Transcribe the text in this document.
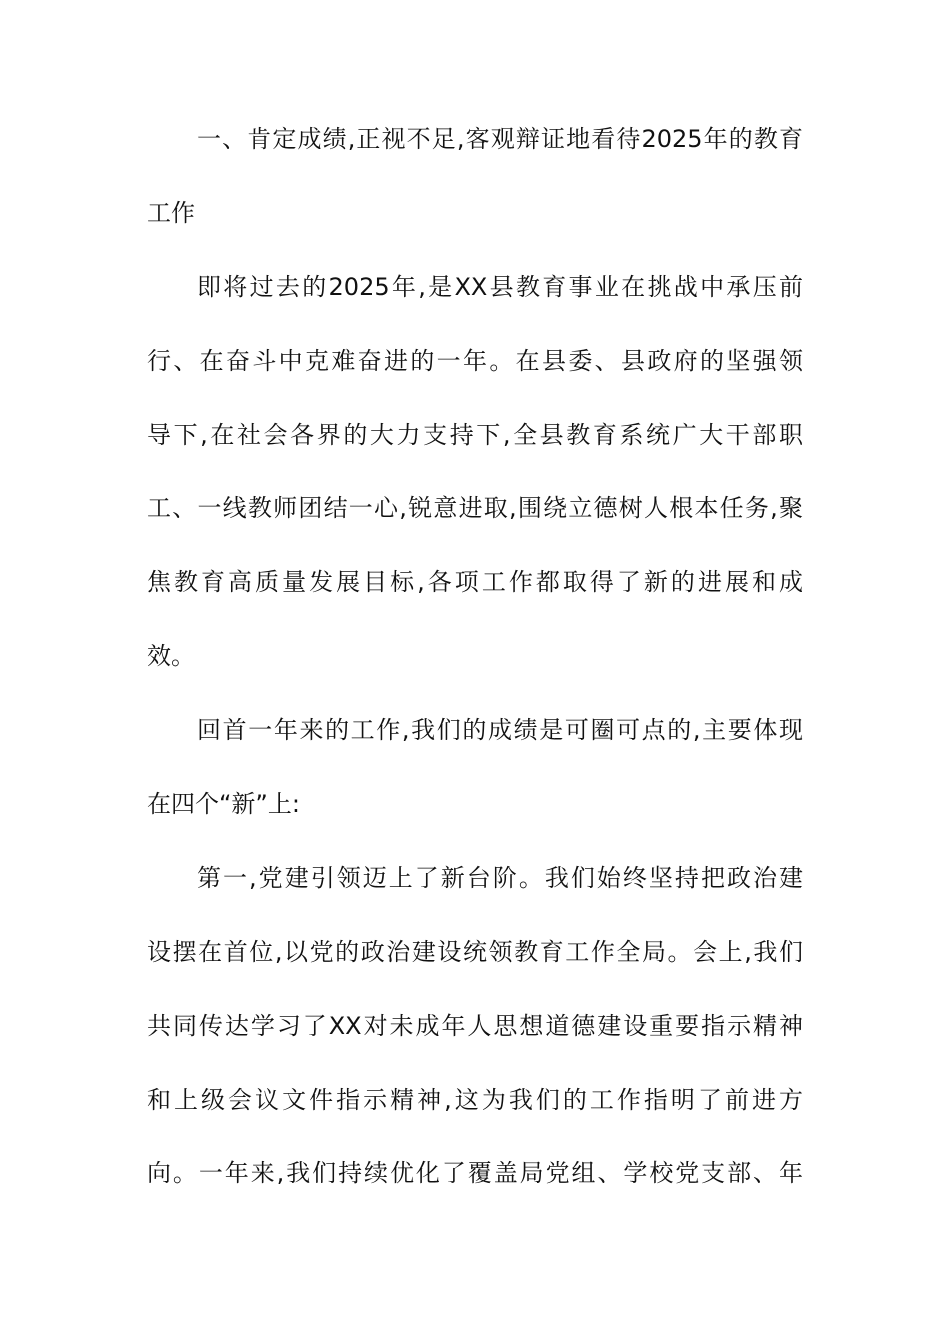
一、肯定成绩,正视不足,客观辩证地看待2025年的教育
工作
即将过去的2025年,是XX县教育事业在挑战中承压前
行、在奋斗中克难奋进的一年。在县委、县政府的坚强领
导下,在社会各界的大力支持下,全县教育系统广大干部职
工、一线教师团结一心,锐意进取,围绕立德树人根本任务,聚
焦教育高质量发展目标,各项工作都取得了新的进展和成
效。
回首一年来的工作,我们的成绩是可圈可点的,主要体现
在四个“新”上:
第一,党建引领迈上了新台阶。我们始终坚持把政治建
设摆在首位,以党的政治建设统领教育工作全局。会上,我们
共同传达学习了XX对未成年人思想道德建设重要指示精神
和上级会议文件指示精神,这为我们的工作指明了前进方
向。一年来,我们持续优化了覆盖局党组、学校党支部、年
